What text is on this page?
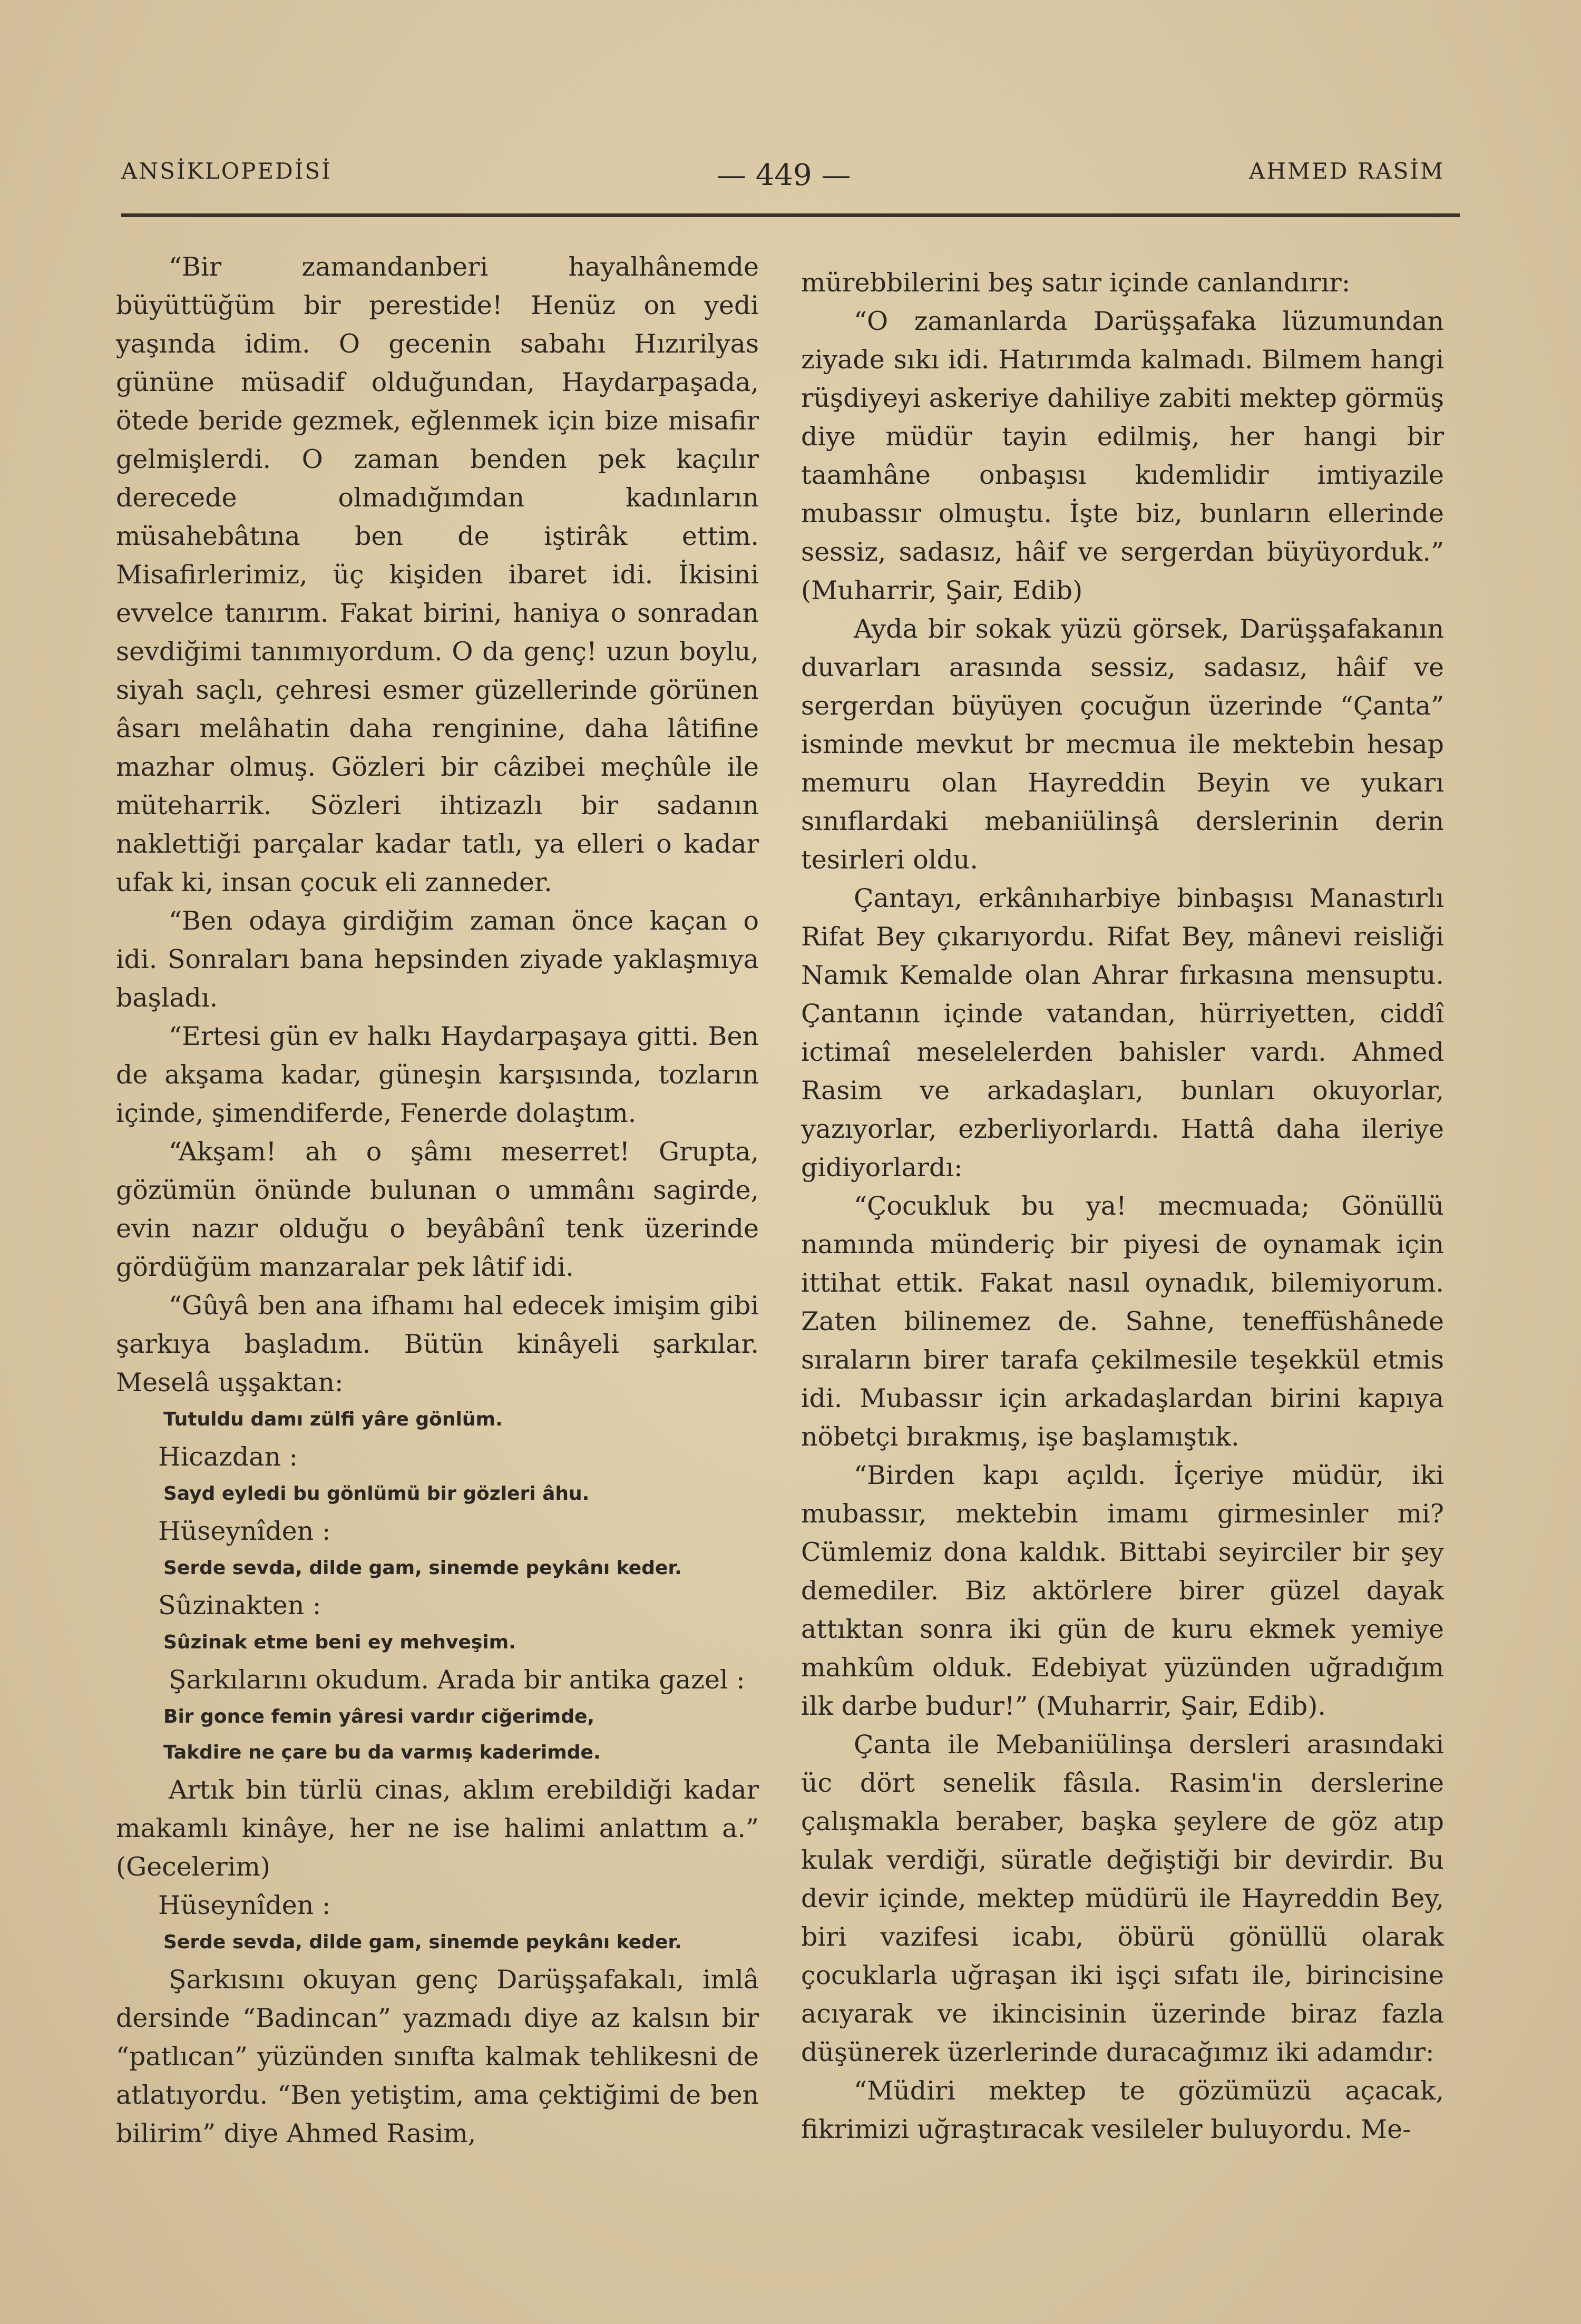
ANSİKLOPEDİSİ	— 449 —	AHMED RASİM

“Bir zamandanberi hayalhânemde büyüttüğüm bir perestide! Henüz on yedi yaşında idim. O gecenin sabahı Hızırilyas gününe müsadif olduğundan, Haydarpaşada, ötede beride gezmek, eğlenmek için bize misafir gelmişlerdi. O zaman benden pek kaçılır derecede olmadığımdan kadınların müsahebâtına ben de iştirâk ettim. Misafirlerimiz, üç kişiden ibaret idi. İkisini evvelce tanırım. Fakat birini, haniya o sonradan sevdiğimi tanımıyordum. O da genç! uzun boylu, siyah saçlı, çehresi esmer güzellerinde görünen âsarı melâhatin daha renginine, daha lâtifine mazhar olmuş. Gözleri bir câzibei meçhûle ile müteharrik. Sözleri ihtizazlı bir sadanın naklettiği parçalar kadar tatlı, ya elleri o kadar ufak ki, insan çocuk eli zanneder.

“Ben odaya girdiğim zaman önce kaçan o idi. Sonraları bana hepsinden ziyade yaklaşmıya başladı.

“Ertesi gün ev halkı Haydarpaşaya gitti. Ben de akşama kadar, güneşin karşısında, tozların içinde, şimendiferde, Fenerde dolaştım.

“Akşam! ah o şâmı meserret! Grupta, gözümün önünde bulunan o ummânı sagirde, evin nazır olduğu o beyâbânî tenk üzerinde gördüğüm manzaralar pek lâtif idi.

“Gûyâ ben ana ifhamı hal edecek imişim gibi şarkıya başladım. Bütün kinâyeli şarkılar. Meselâ uşşaktan:

Tutuldu damı zülfi yâre gönlüm.

Hicazdan :

Sayd eyledi bu gönlümü bir gözleri âhu.

Hüseynîden :

Serde sevda, dilde gam, sinemde peykânı keder.

Sûzinakten :

Sûzinak etme beni ey mehveşim.

Şarkılarını okudum. Arada bir antika gazel :

Bir gonce femin yâresi vardır ciğerimde,

Takdire ne çare bu da varmış kaderimde.

Artık bin türlü cinas, aklım erebildiği kadar makamlı kinâye, her ne ise halimi anlattım a.” (Gecelerim)

Hüseynîden :

Serde sevda, dilde gam, sinemde peykânı keder.

Şarkısını okuyan genç Darüşşafakalı, imlâ dersinde “Badincan” yazmadı diye az kalsın bir “patlıcan” yüzünden sınıfta kalmak tehlikesni de atlatıyordu. “Ben yetiştim, ama çektiğimi de ben bilirim” diye Ahmed Rasim,

mürebbilerini beş satır içinde canlandırır:

“O zamanlarda Darüşşafaka lüzumundan ziyade sıkı idi. Hatırımda kalmadı. Bilmem hangi rüşdiyeyi askeriye dahiliye zabiti mektep görmüş diye müdür tayin edilmiş, her hangi bir taamhâne onbaşısı kıdemlidir imtiyazile mubassır olmuştu. İşte biz, bunların ellerinde sessiz, sadasız, hâif ve sergerdan büyüyorduk.” (Muharrir, Şair, Edib)

Ayda bir sokak yüzü görsek, Darüşşafakanın duvarları arasında sessiz, sadasız, hâif ve sergerdan büyüyen çocuğun üzerinde “Çanta” isminde mevkut br mecmua ile mektebin hesap memuru olan Hayreddin Beyin ve yukarı sınıflardaki mebaniülinşâ derslerinin derin tesirleri oldu.

Çantayı, erkânıharbiye binbaşısı Manastırlı Rifat Bey çıkarıyordu. Rifat Bey, mânevi reisliği Namık Kemalde olan Ahrar fırkasına mensuptu. Çantanın içinde vatandan, hürriyetten, ciddî ictimaî meselelerden bahisler vardı. Ahmed Rasim ve arkadaşları, bunları okuyorlar, yazıyorlar, ezberliyorlardı. Hattâ daha ileriye gidiyorlardı:

“Çocukluk bu ya! mecmuada; Gönüllü namında münderiç bir piyesi de oynamak için ittihat ettik. Fakat nasıl oynadık, bilemiyorum. Zaten bilinemez de. Sahne, teneffüshânede sıraların birer tarafa çekilmesile teşekkül etmis idi. Mubassır için arkadaşlardan birini kapıya nöbetçi bırakmış, işe başlamıştık.

“Birden kapı açıldı. İçeriye müdür, iki mubassır, mektebin imamı girmesinler mi? Cümlemiz dona kaldık. Bittabi seyirciler bir şey demediler. Biz aktörlere birer güzel dayak attıktan sonra iki gün de kuru ekmek yemiye mahkûm olduk. Edebiyat yüzünden uğradığım ilk darbe budur!” (Muharrir, Şair, Edib).

Çanta ile Mebaniülinşa dersleri arasındaki üc dört senelik fâsıla. Rasim'in derslerine çalışmakla beraber, başka şeylere de göz atıp kulak verdiği, süratle değiştiği bir devirdir. Bu devir içinde, mektep müdürü ile Hayreddin Bey, biri vazifesi icabı, öbürü gönüllü olarak çocuklarla uğraşan iki işçi sıfatı ile, birincisine acıyarak ve ikincisinin üzerinde biraz fazla düşünerek üzerlerinde duracağımız iki adamdır:

“Müdiri mektep te gözümüzü açacak, fikrimizi uğraştıracak vesileler buluyordu. Me-
